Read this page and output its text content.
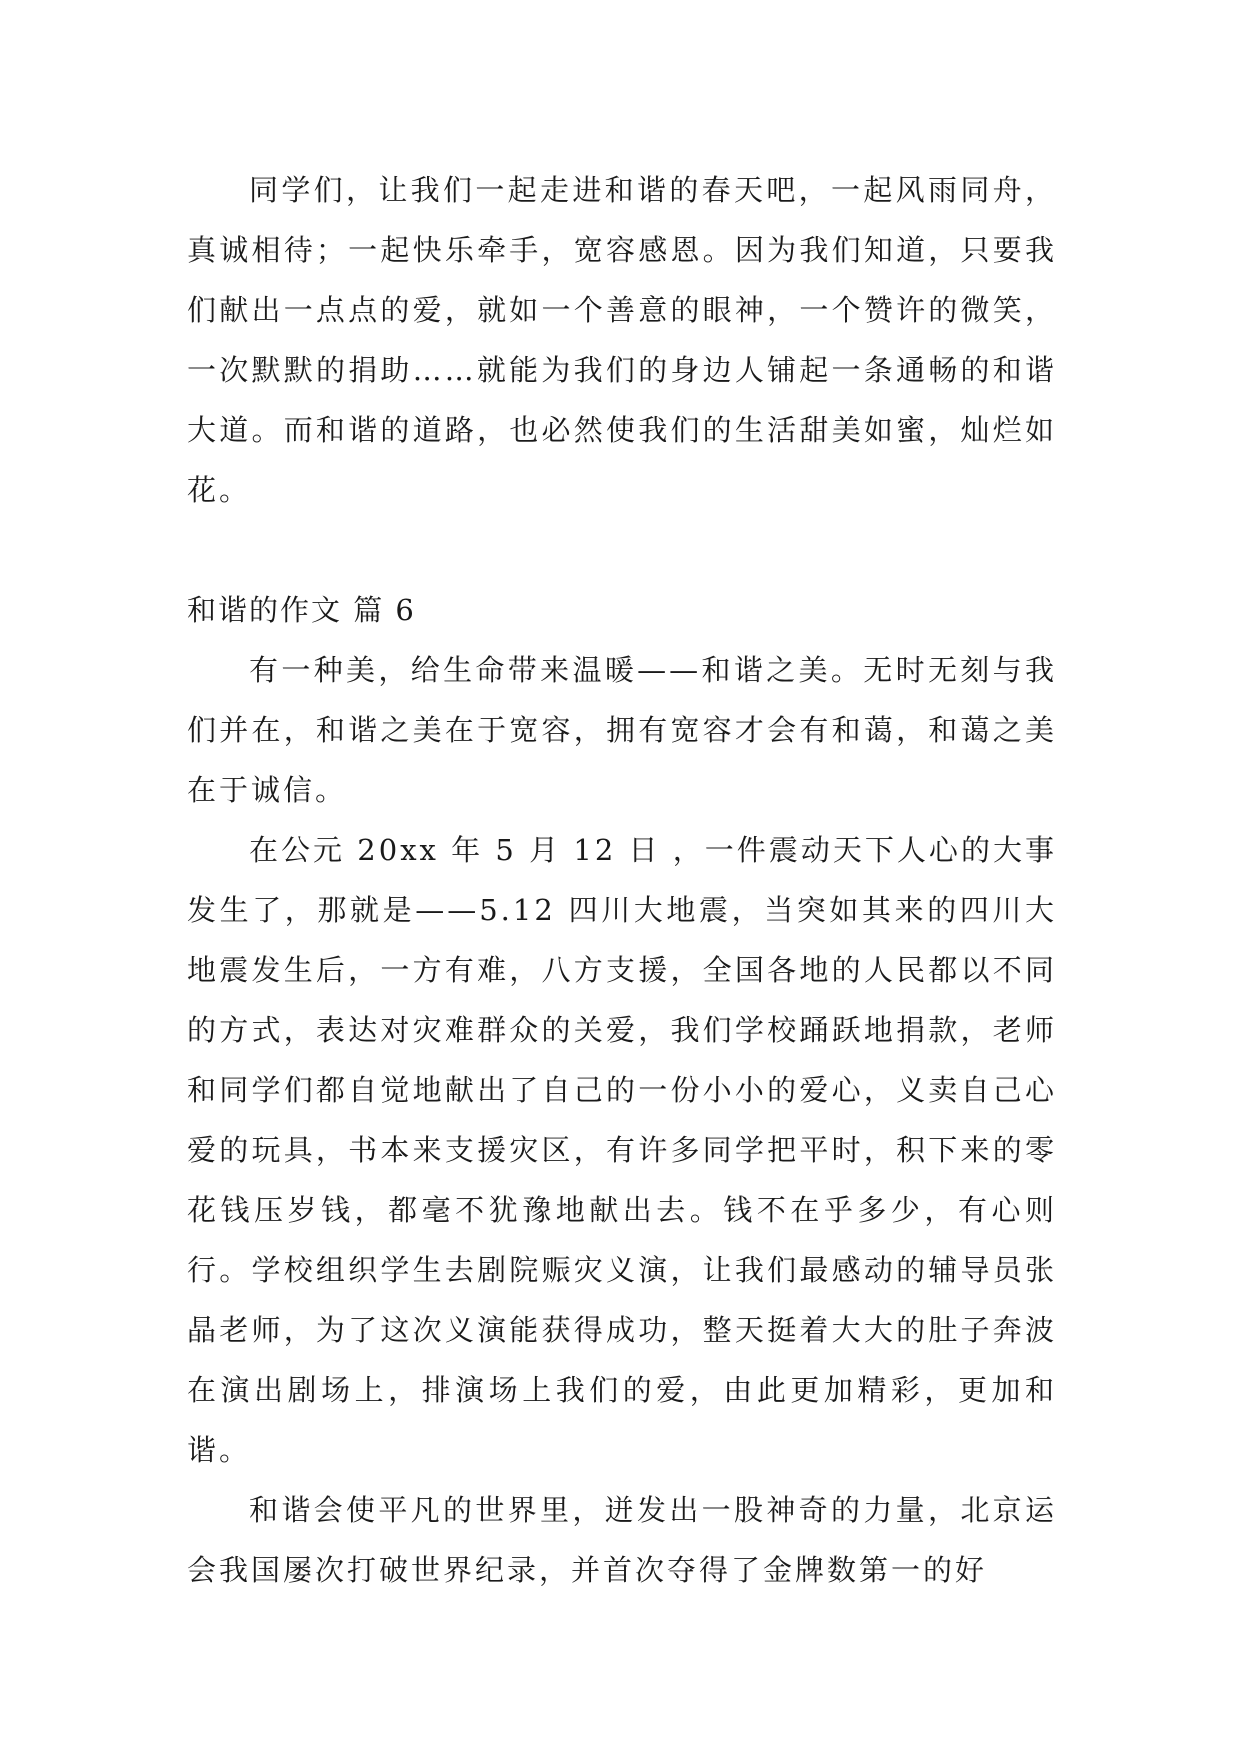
同学们，让我们一起走进和谐的春天吧，一起风雨同舟，真诚相待；一起快乐牵手，宽容感恩。因为我们知道，只要我们献出一点点的爱，就如一个善意的眼神，一个赞许的微笑，一次默默的捐助……就能为我们的身边人铺起一条通畅的和谐大道。而和谐的道路，也必然使我们的生活甜美如蜜，灿烂如花。

和谐的作文 篇 6

有一种美，给生命带来温暖——和谐之美。无时无刻与我们并在，和谐之美在于宽容，拥有宽容才会有和蔼，和蔼之美在于诚信。

在公元 20xx 年 5 月 12 日 ，一件震动天下人心的大事发生了，那就是——5.12 四川大地震，当突如其来的四川大地震发生后，一方有难，八方支援，全国各地的人民都以不同的方式，表达对灾难群众的关爱，我们学校踊跃地捐款，老师和同学们都自觉地献出了自己的一份小小的爱心，义卖自己心爱的玩具，书本来支援灾区，有许多同学把平时，积下来的零花钱压岁钱，都毫不犹豫地献出去。钱不在乎多少，有心则行。学校组织学生去剧院赈灾义演，让我们最感动的辅导员张晶老师，为了这次义演能获得成功，整天挺着大大的肚子奔波在演出剧场上，排演场上我们的爱，由此更加精彩，更加和谐。

和谐会使平凡的世界里，迸发出一股神奇的力量，北京运会我国屡次打破世界纪录，并首次夺得了金牌数第一的好
